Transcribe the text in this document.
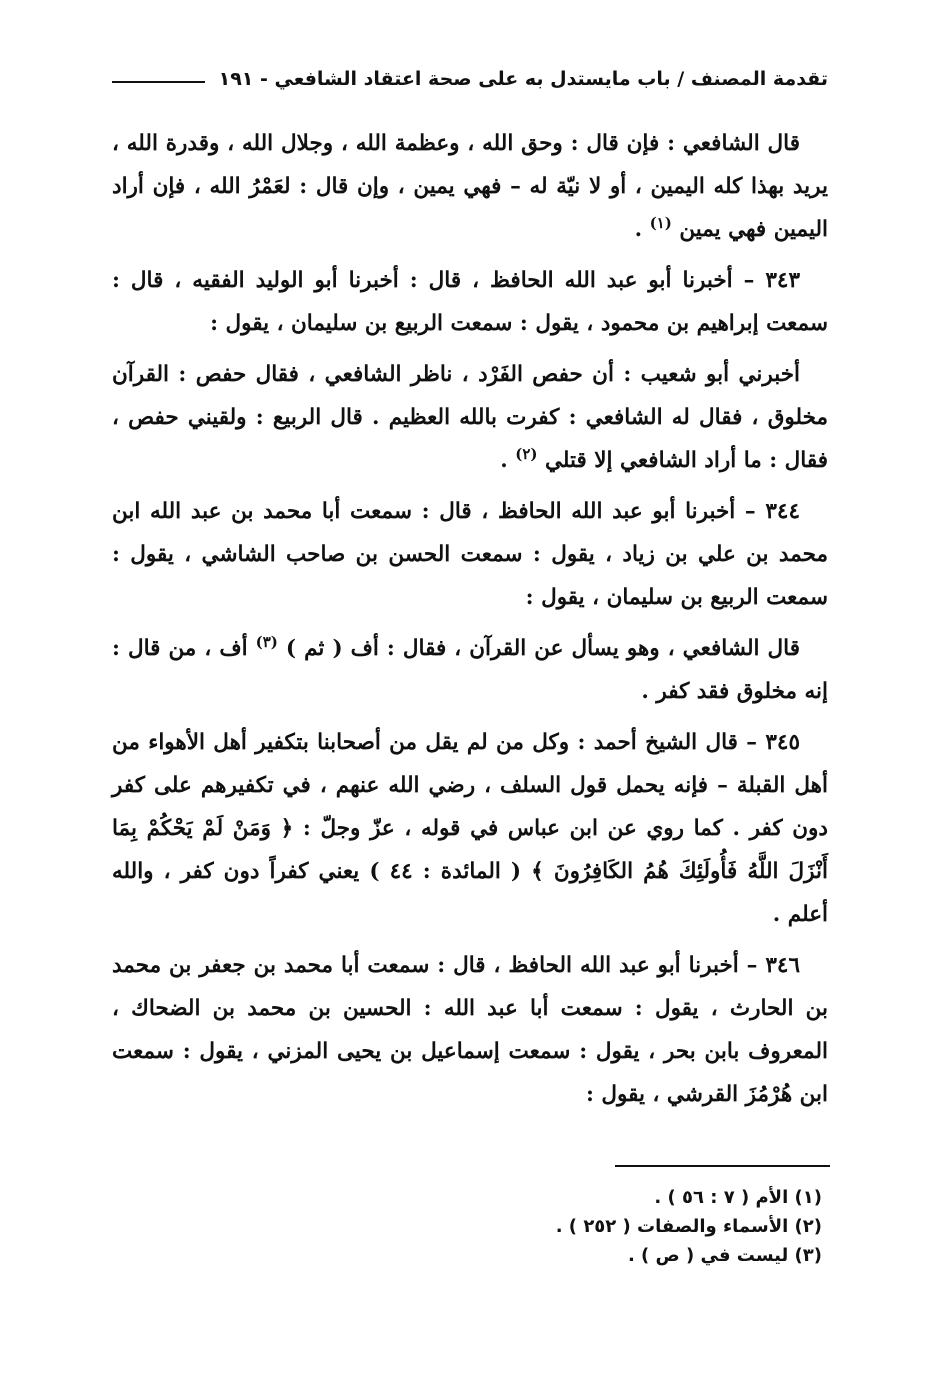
تقدمة المصنف / باب مايستدل به على صحة اعتقاد الشافعي
-
١٩١

قال الشافعي : فإن قال : وحق الله ، وعظمة الله ، وجلال الله ، وقدرة الله ، يريد بهذا كله اليمين ، أو لا نيّة له – فهي يمين ، وإن قال : لعَمْرُ الله ، فإن أراد اليمين فهي يمين $^{(١)}$ .

٣٤٣ – أخبرنا أبو عبد الله الحافظ ، قال : أخبرنا أبو الوليد الفقيه ، قال : سمعت إبراهيم بن محمود ، يقول : سمعت الربيع بن سليمان ، يقول :

أخبرني أبو شعيب : أن حفص الفَرْد ، ناظر الشافعي ، فقال حفص : القرآن مخلوق ، فقال له الشافعي : كفرت بالله العظيم . قال الربيع : ولقيني حفص ، فقال : ما أراد الشافعي إلا قتلي $^{(٢)}$ .

٣٤٤ – أخبرنا أبو عبد الله الحافظ ، قال : سمعت أبا محمد بن عبد الله ابن محمد بن علي بن زياد ، يقول : سمعت الحسن بن صاحب الشاشي ، يقول : سمعت الربيع بن سليمان ، يقول :

قال الشافعي ، وهو يسأل عن القرآن ، فقال : أف ( ثم ) $^{(٣)}$ أف ، من قال : إنه مخلوق فقد كفر .

٣٤٥ – قال الشيخ أحمد : وكل من لم يقل من أصحابنا بتكفير أهل الأهواء من أهل القبلة – فإنه يحمل قول السلف ، رضي الله عنهم ، في تكفيرهم على كفر دون كفر . كما روي عن ابن عباس في قوله ، عزّ وجلّ : ﴿ وَمَنْ لَمْ يَحْكُمْ بِمَا أَنْزَلَ اللَّهُ فَأُولَئِكَ هُمُ الكَافِرُونَ ﴾ ( المائدة : ٤٤ ) يعني كفراً دون كفر ، والله أعلم .

٣٤٦ – أخبرنا أبو عبد الله الحافظ ، قال : سمعت أبا محمد بن جعفر بن محمد بن الحارث ، يقول : سمعت أبا عبد الله : الحسين بن محمد بن الضحاك ، المعروف بابن بحر ، يقول : سمعت إسماعيل بن يحيى المزني ، يقول : سمعت ابن هُرْمُزَ القرشي ، يقول :

(١) الأم ( ٧ : ٥٦ ) .

(٢) الأسماء والصفات ( ٢٥٢ ) .

(٣) ليست في ( ص ) .
